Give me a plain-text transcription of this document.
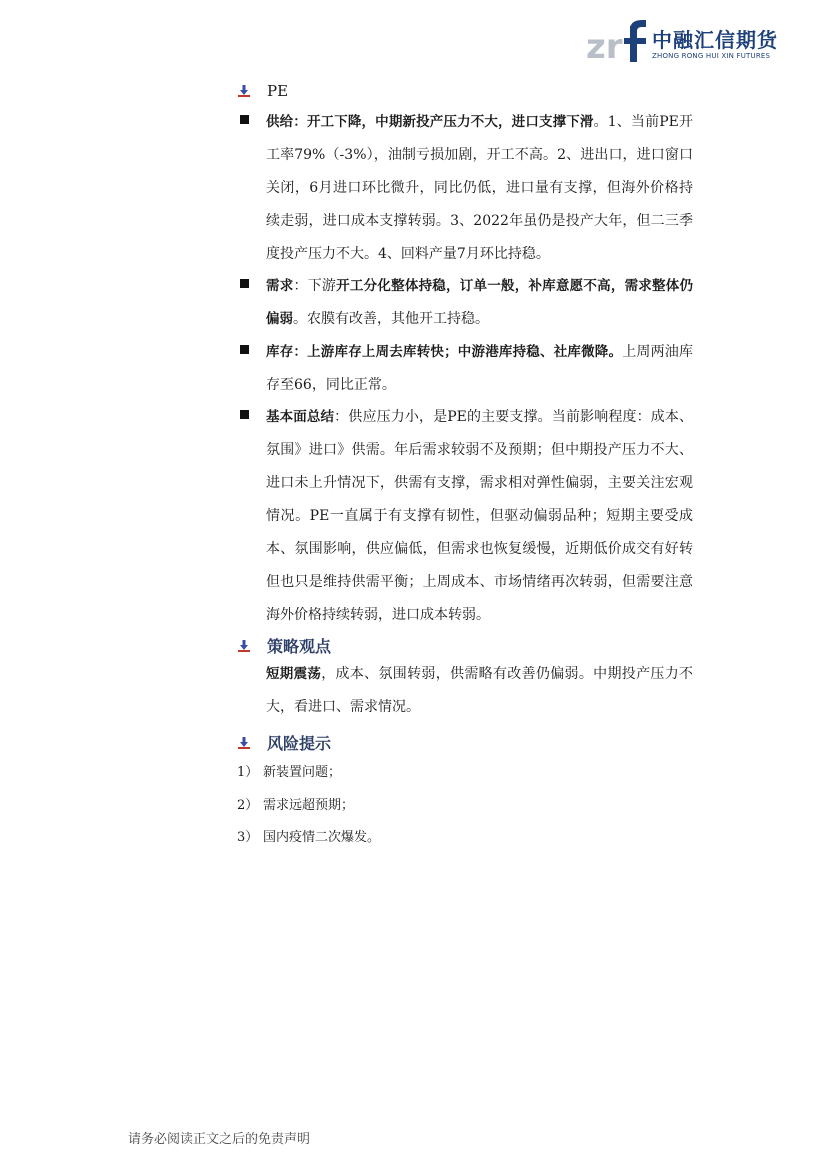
zr 中融汇信期货
ZHONG RONG HUI XIN FUTURES
PE
供给：开工下降，中期新投产压力不大，进口支撑下滑。1、当前PE开工率79%（-3%），油制亏损加剧，开工不高。2、进出口，进口窗口关闭，6月进口环比微升，同比仍低，进口量有支撑，但海外价格持续走弱，进口成本支撑转弱。3、2022年虽仍是投产大年，但二三季度投产压力不大。4、回料产量7月环比持稳。
需求：下游开工分化整体持稳，订单一般，补库意愿不高，需求整体仍偏弱。农膜有改善，其他开工持稳。
库存：上游库存上周去库转快；中游港库持稳、社库微降。上周两油库存至66，同比正常。
基本面总结：供应压力小，是PE的主要支撑。当前影响程度：成本、氛围》进口》供需。年后需求较弱不及预期；但中期投产压力不大、进口未上升情况下，供需有支撑，需求相对弹性偏弱，主要关注宏观情况。PE一直属于有支撑有韧性，但驱动偏弱品种；短期主要受成本、氛围影响，供应偏低，但需求也恢复缓慢，近期低价成交有好转但也只是维持供需平衡；上周成本、市场情绪再次转弱，但需要注意海外价格持续转弱，进口成本转弱。
策略观点
短期震荡，成本、氛围转弱，供需略有改善仍偏弱。中期投产压力不大，看进口、需求情况。
风险提示
1） 新装置问题；
2） 需求远超预期；
3） 国内疫情二次爆发。
请务必阅读正文之后的免责声明
